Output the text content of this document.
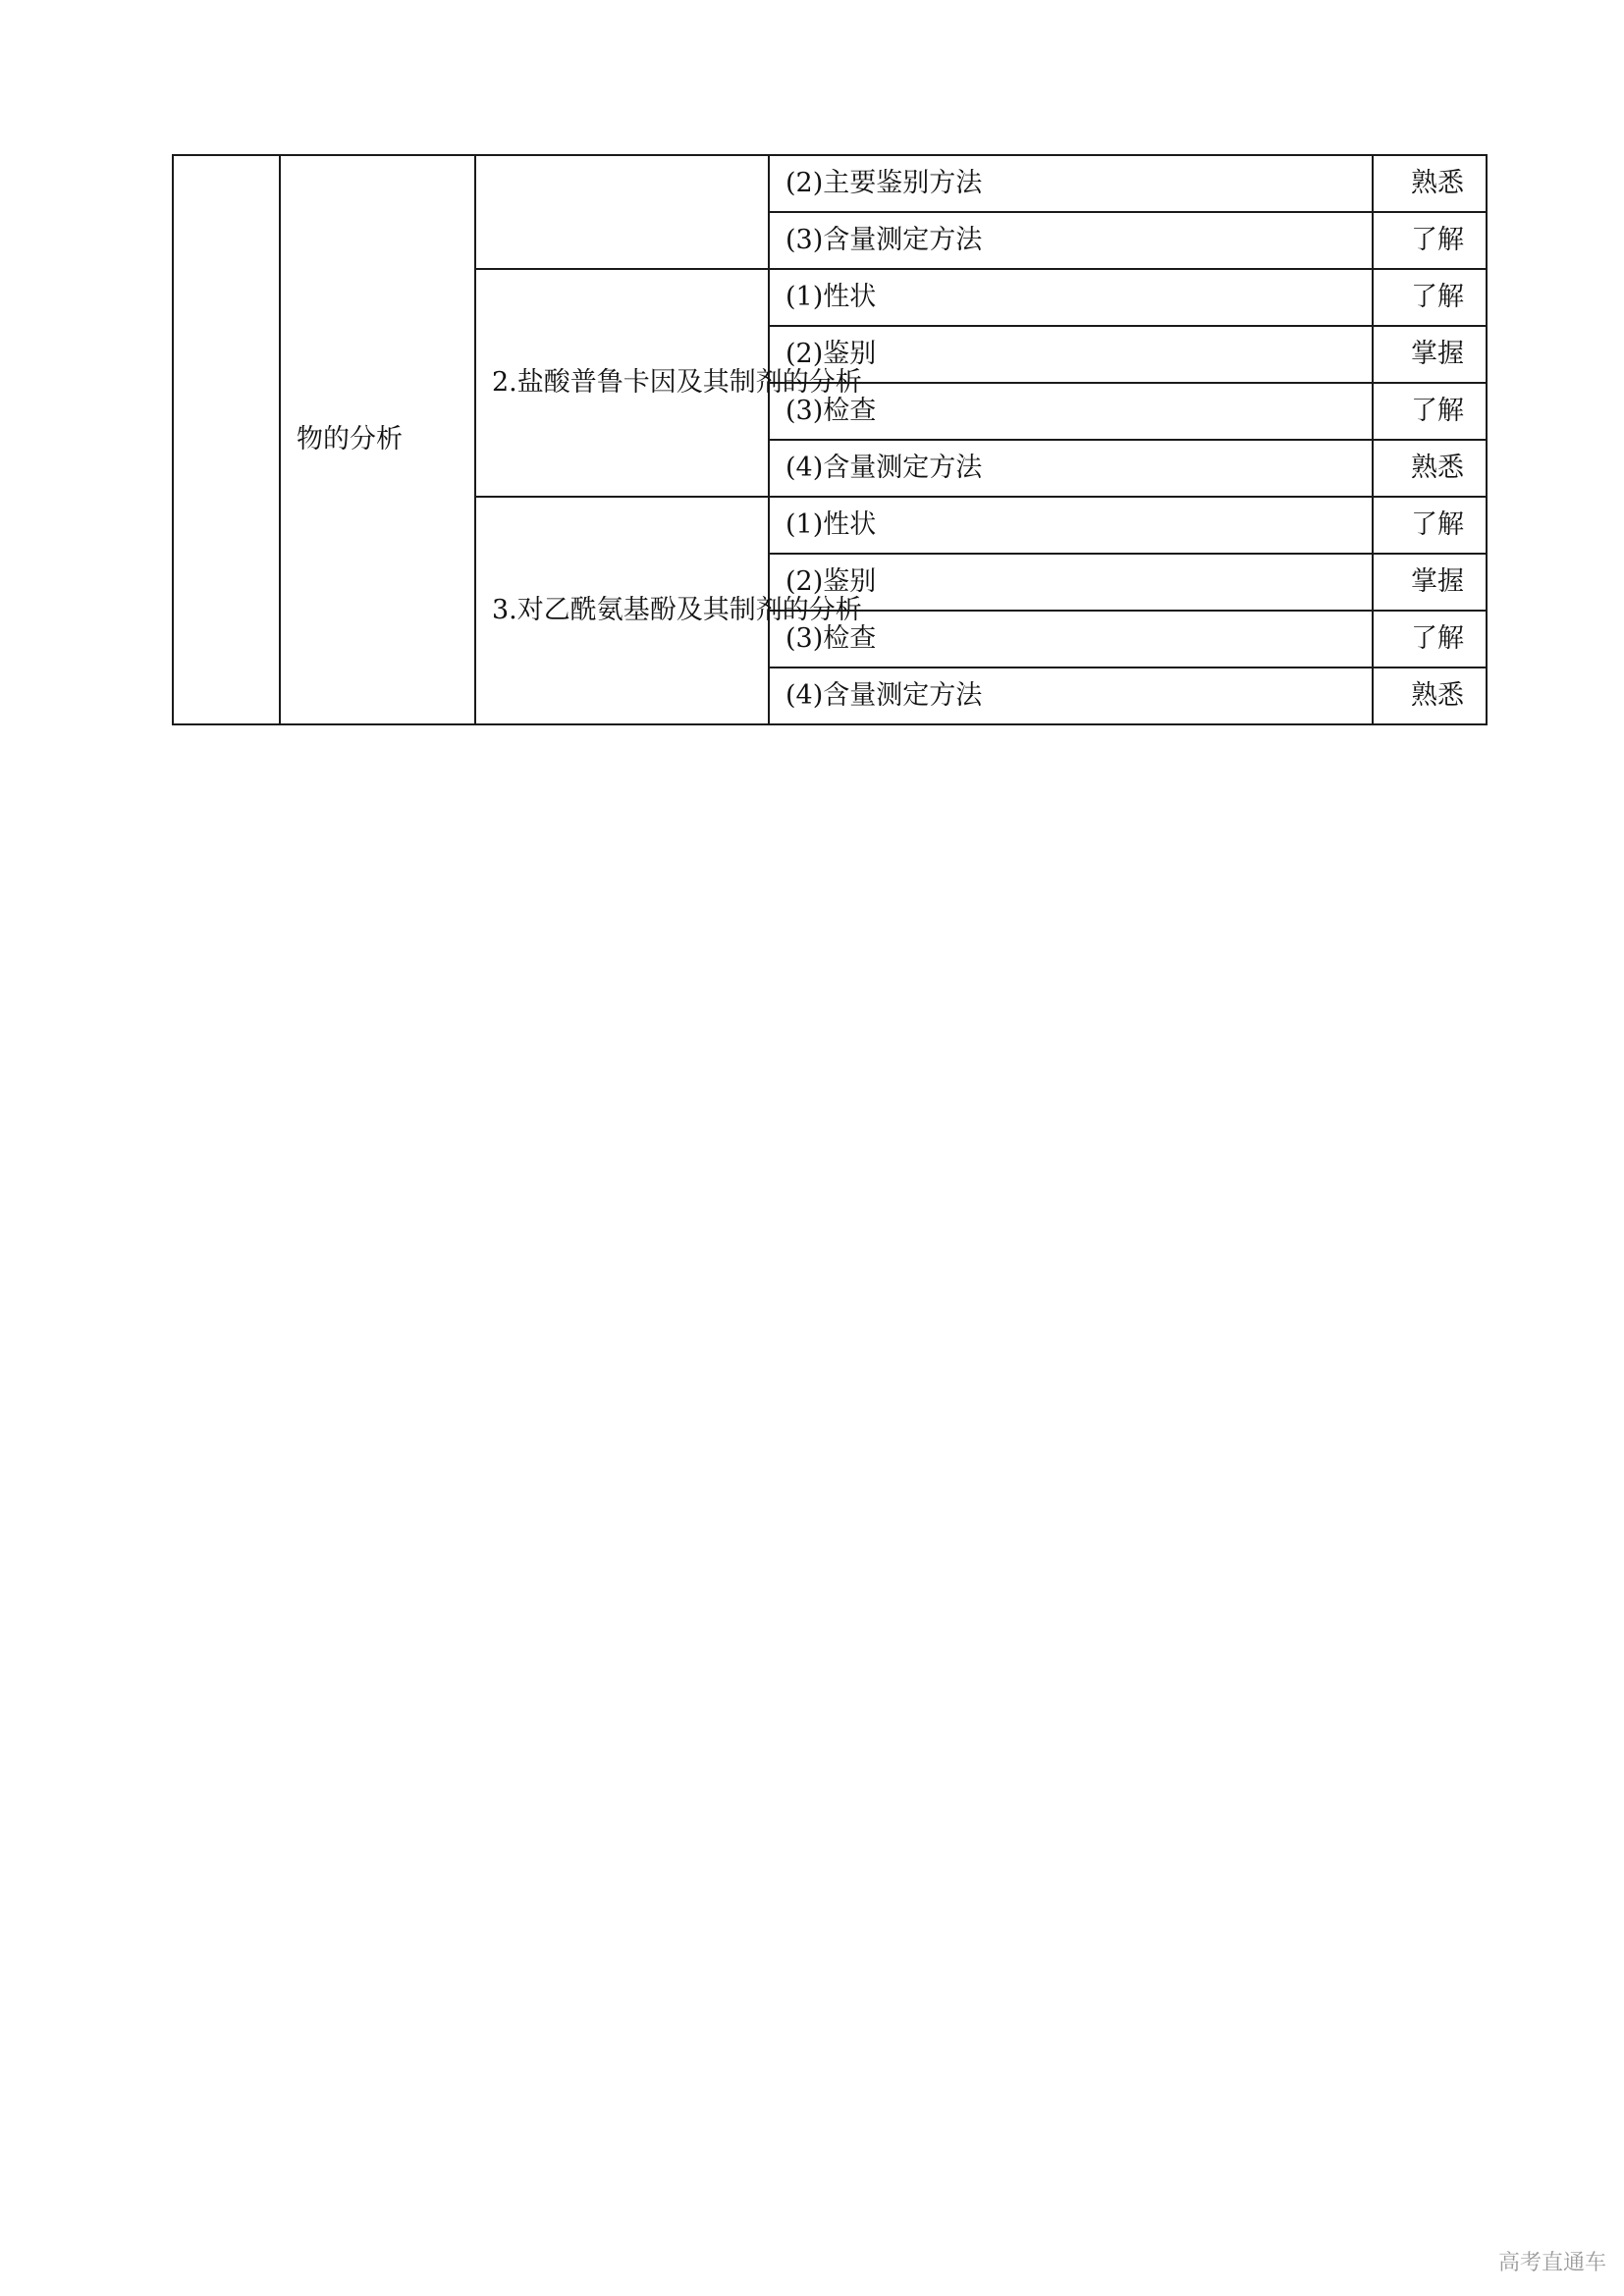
	物的分析		(2)主要鉴别方法	熟悉
			(3)含量测定方法	了解
		2.盐酸普鲁卡因及其制剂的分析	(1)性状	了解
			(2)鉴别	掌握
			(3)检查	了解
			(4)含量测定方法	熟悉
		3.对乙酰氨基酚及其制剂的分析	(1)性状	了解
			(2)鉴别	掌握
			(3)检查	了解
			(4)含量测定方法	熟悉
高考直通车
